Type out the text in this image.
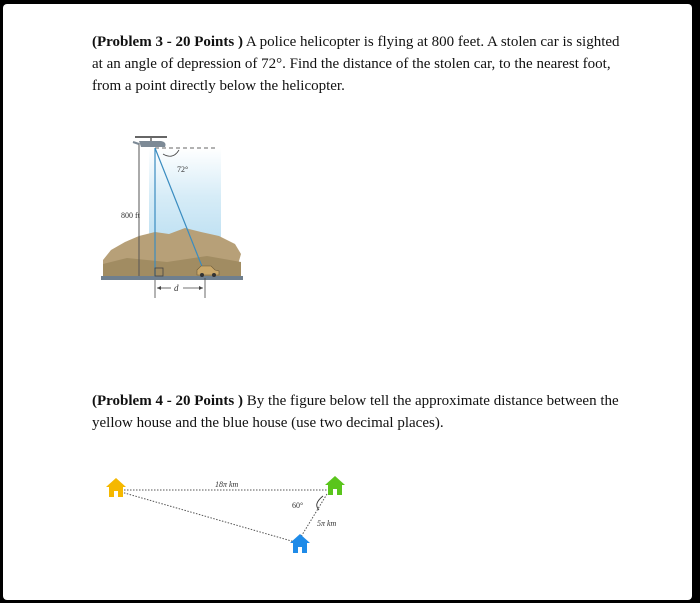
(Problem 3 - 20 Points ) A police helicopter is flying at 800 feet. A stolen car is sighted at an angle of depression of 72°. Find the distance of the stolen car, to the nearest foot, from a point directly below the helicopter.
72°
800 ft
d
(Problem 4 - 20 Points ) By the figure below tell the approximate distance between the yellow house and the blue house (use two decimal places).
18π km
60°
5π km
